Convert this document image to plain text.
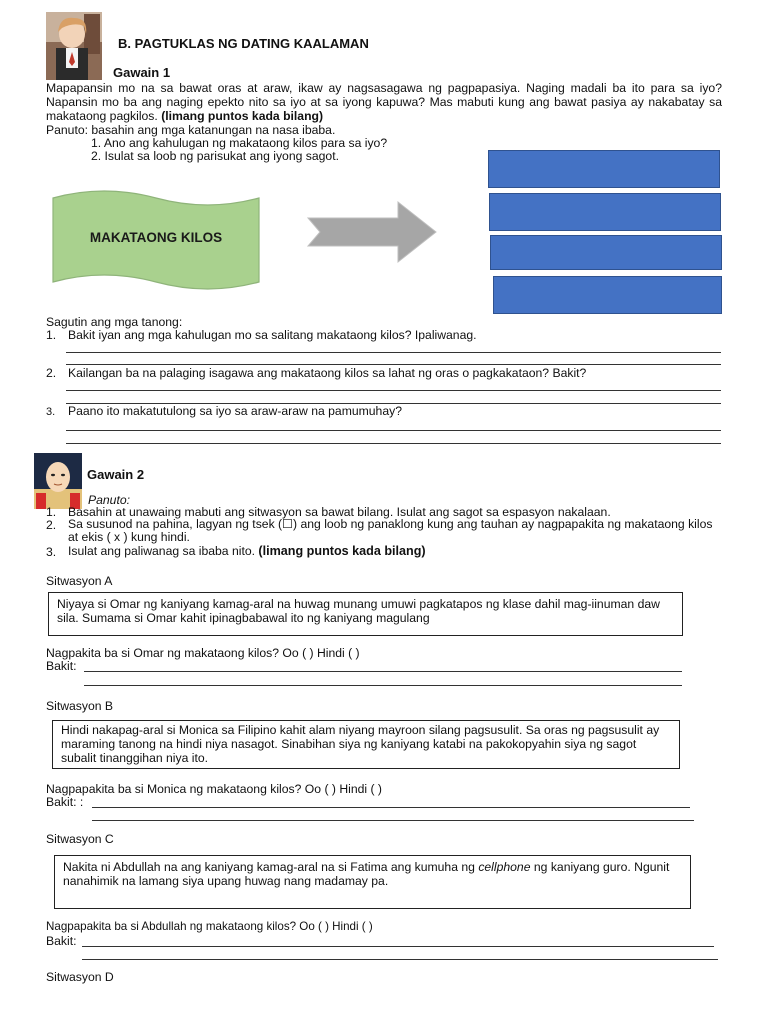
B. PAGTUKLAS NG DATING KAALAMAN
Gawain 1
Mapapansin mo na sa bawat oras at araw, ikaw ay nagsasagawa ng pagpapasiya. Naging madali ba ito para sa iyo? Napansin mo ba ang naging epekto nito sa iyo at sa iyong kapuwa? Mas mabuti kung ang bawat pasiya ay nakabatay sa makataong pagkilos. (limang puntos kada bilang)
Panuto: basahin ang mga katanungan na nasa ibaba.
1. Ano ang kahulugan ng makataong kilos para sa iyo?
2. Isulat sa loob ng parisukat ang iyong sagot.
MAKATAONG KILOS
Sagutin ang mga tanong:
1. Bakit iyan ang mga kahulugan mo sa salitang makataong kilos? Ipaliwanag.
2. Kailangan ba na palaging isagawa ang makataong kilos sa lahat ng oras o pagkakataon? Bakit?
3. Paano ito makatutulong sa iyo sa araw-araw na pamumuhay?
Gawain 2
Panuto:
1. Basahin at unawaing mabuti ang sitwasyon sa bawat bilang. Isulat ang sagot sa espasyon nakalaan.
2. Sa susunod na pahina, lagyan ng tsek (☐) ang loob ng panaklong kung ang tauhan ay nagpapakita ng makataong kilos at ekis ( x ) kung hindi.
3. Isulat ang paliwanag sa ibaba nito. (limang puntos kada bilang)
Sitwasyon A
Niyaya si Omar ng kaniyang kamag-aral na huwag munang umuwi pagkatapos ng klase dahil mag-iinuman daw sila. Sumama si Omar kahit ipinagbabawal ito ng kaniyang magulang
Nagpakita ba si Omar ng makataong kilos? Oo ( ) Hindi ( )
Bakit:
Sitwasyon B
Hindi nakapag-aral si Monica sa Filipino kahit alam niyang mayroon silang pagsusulit. Sa oras ng pagsusulit ay maraming tanong na hindi niya nasagot. Sinabihan siya ng kaniyang katabi na pakokopyahin siya ng sagot subalit tinanggihan niya ito.
Nagpapakita ba si Monica ng makataong kilos? Oo ( ) Hindi ( )
Bakit: :
Sitwasyon C
Nakita ni Abdullah na ang kaniyang kamag-aral na si Fatima ang kumuha ng cellphone ng kaniyang guro. Ngunit nanahimik na lamang siya upang huwag nang madamay pa.
Nagpapakita ba si Abdullah ng makataong kilos? Oo ( ) Hindi ( )
Bakit:
Sitwasyon D
